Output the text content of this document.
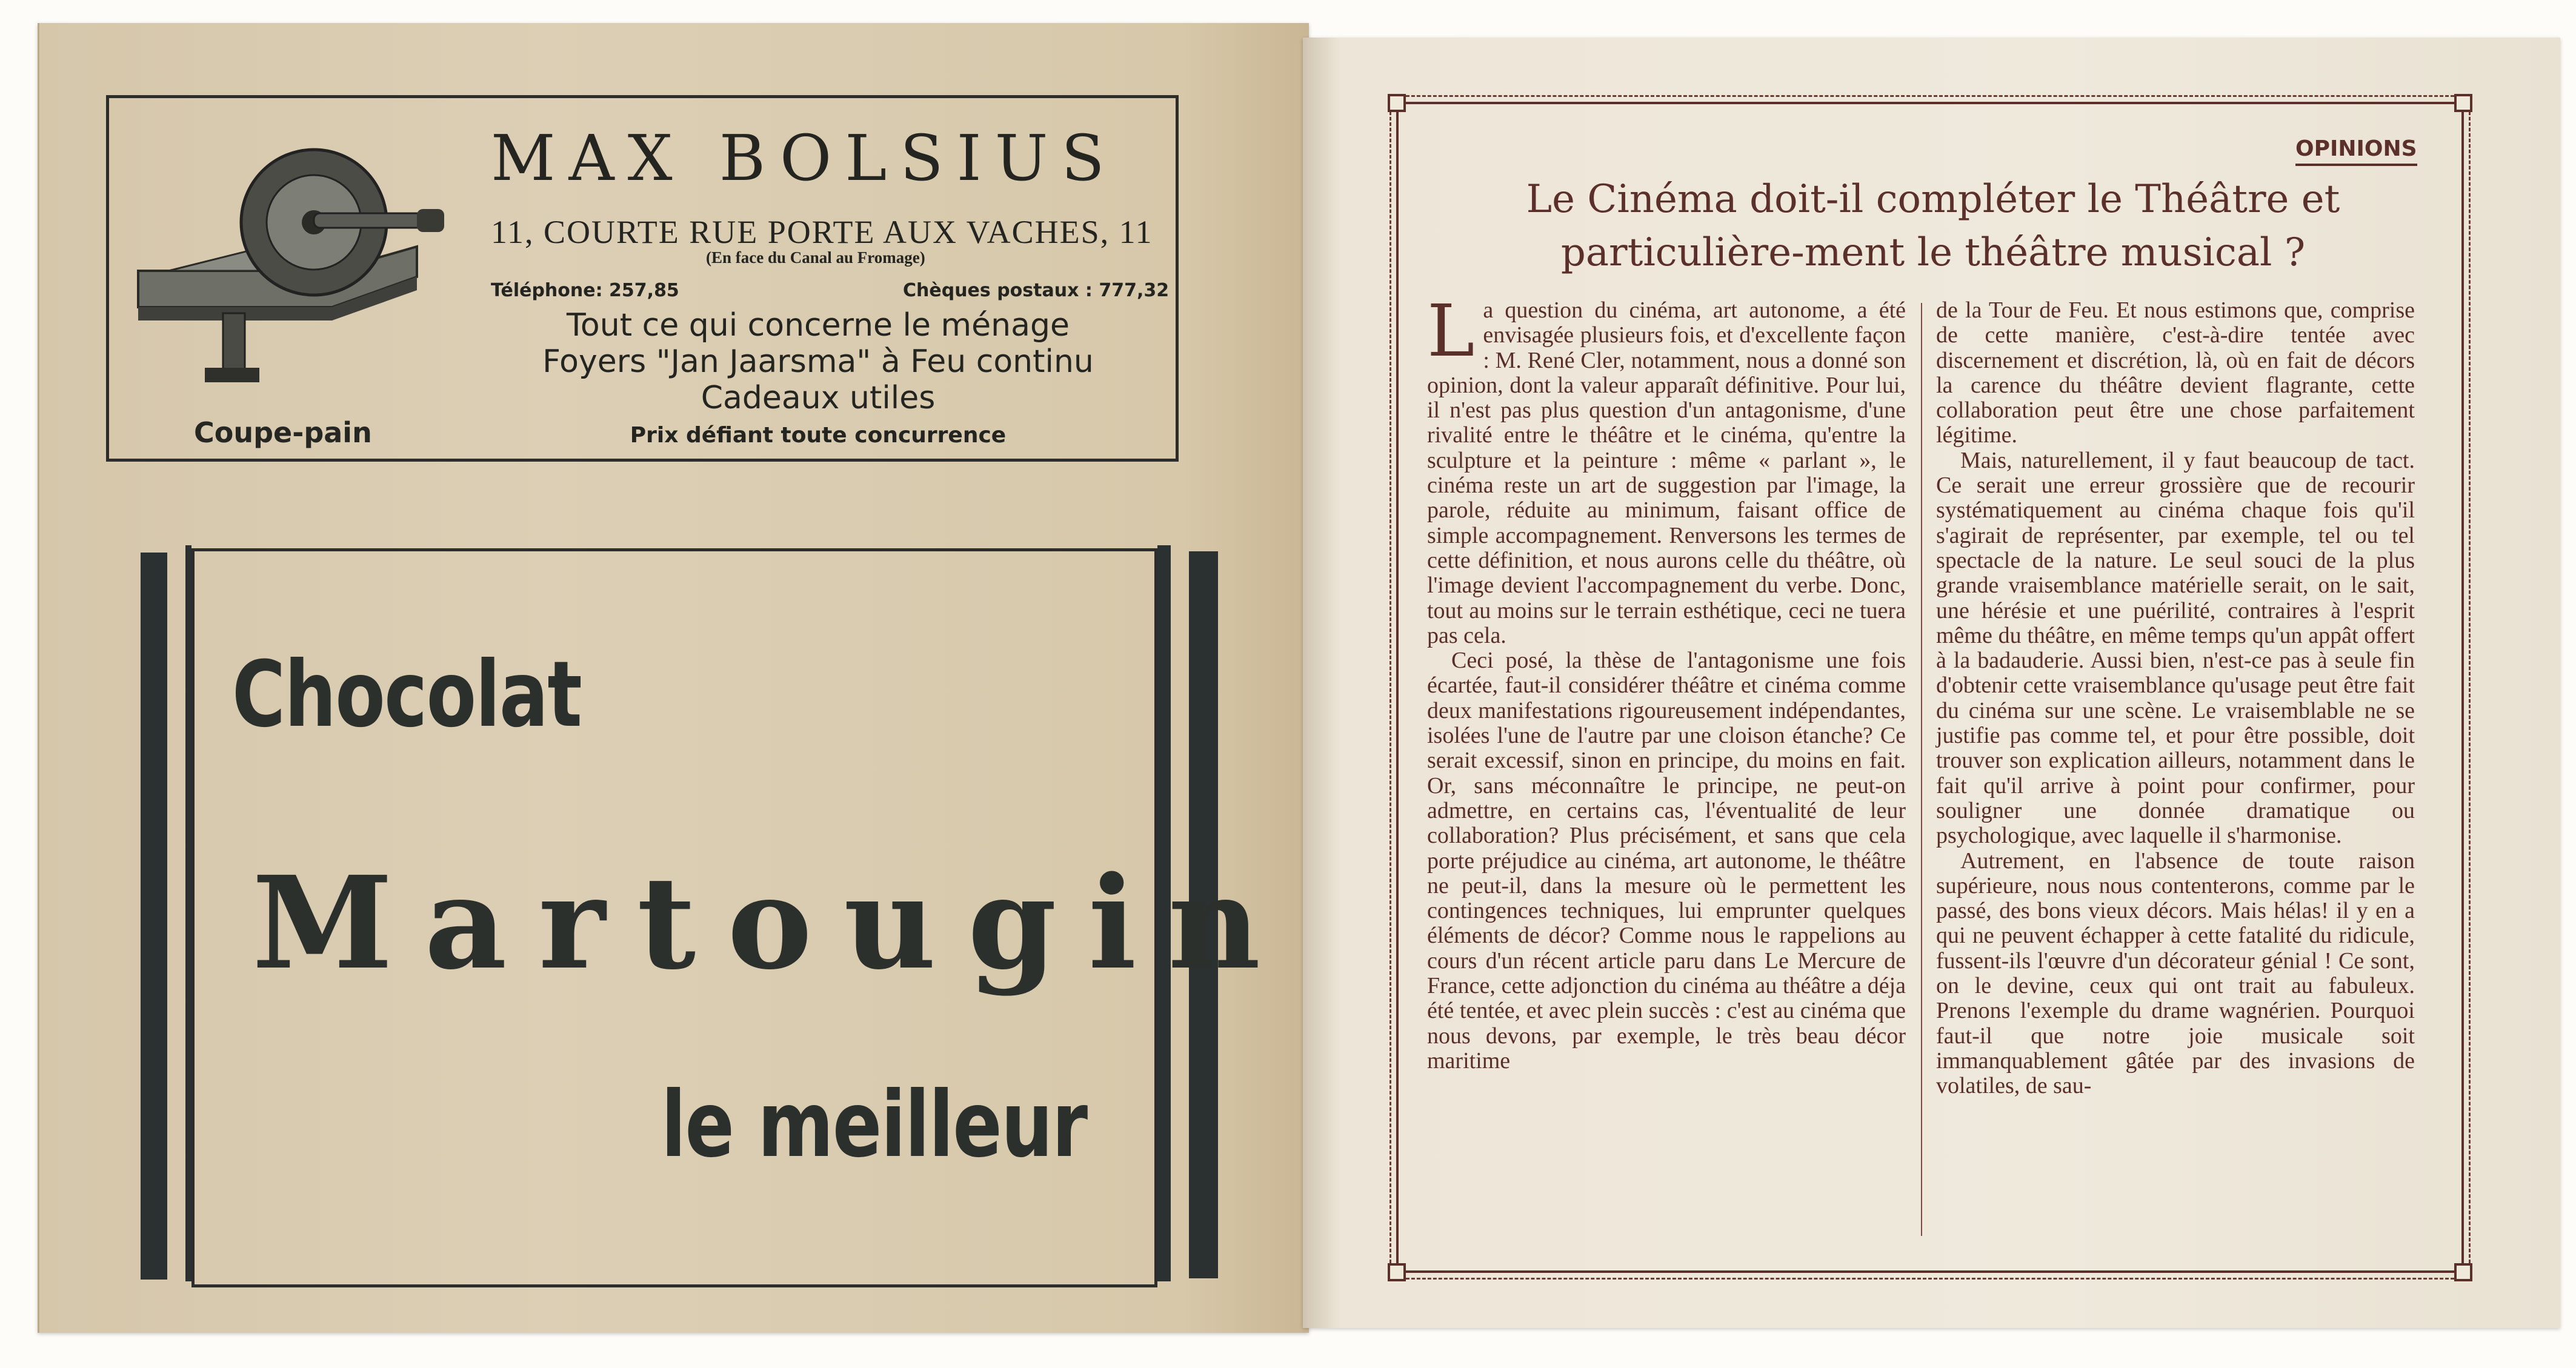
Coupe-pain
MAX BOLSIUS
11, COURTE RUE PORTE AUX VACHES, 11
(En face du Canal au Fromage)
Téléphone: 257,85	Chèques postaux : 777,32
Tout ce qui concerne le ménage
Foyers "Jan Jaarsma" à Feu continu
Cadeaux utiles
Prix défiant toute concurrence
Chocolat
Martougin
le meilleur
OPINIONS
Le Cinéma doit-il compléter le Théâtre et particulière-ment le théâtre musical ?

La question du cinéma, art autonome, a été envisagée plusieurs fois, et d'excellente façon : M. René Cler, notamment, nous a donné son opinion, dont la valeur apparaît définitive. Pour lui, il n'est pas plus question d'un antagonisme, d'une rivalité entre le théâtre et le cinéma, qu'entre la sculpture et la peinture : même « parlant », le cinéma reste un art de suggestion par l'image, la parole, réduite au minimum, faisant office de simple accompagnement. Renversons les termes de cette définition, et nous aurons celle du théâtre, où l'image devient l'accompagnement du verbe. Donc, tout au moins sur le terrain esthétique, ceci ne tuera pas cela.

Ceci posé, la thèse de l'antagonisme une fois écartée, faut-il considérer théâtre et cinéma comme deux manifestations rigoureusement indépendantes, isolées l'une de l'autre par une cloison étanche? Ce serait excessif, sinon en principe, du moins en fait. Or, sans méconnaître le principe, ne peut-on admettre, en certains cas, l'éventualité de leur collaboration? Plus précisément, et sans que cela porte préjudice au cinéma, art autonome, le théâtre ne peut-il, dans la mesure où le permettent les contingences techniques, lui emprunter quelques éléments de décor? Comme nous le rappelions au cours d'un récent article paru dans Le Mercure de France, cette adjonction du cinéma au théâtre a déja été tentée, et avec plein succès : c'est au cinéma que nous devons, par exemple, le très beau décor maritime

de la Tour de Feu. Et nous estimons que, comprise de cette manière, c'est-à-dire tentée avec discernement et discrétion, là, où en fait de décors la carence du théâtre devient flagrante, cette collaboration peut être une chose parfaitement légitime.

Mais, naturellement, il y faut beaucoup de tact. Ce serait une erreur grossière que de recourir systématiquement au cinéma chaque fois qu'il s'agirait de représenter, par exemple, tel ou tel spectacle de la nature. Le seul souci de la plus grande vraisemblance matérielle serait, on le sait, une hérésie et une puérilité, contraires à l'esprit même du théâtre, en même temps qu'un appât offert à la badauderie. Aussi bien, n'est-ce pas à seule fin d'obtenir cette vraisemblance qu'usage peut être fait du cinéma sur une scène. Le vraisemblable ne se justifie pas comme tel, et pour être possible, doit trouver son explication ailleurs, notamment dans le fait qu'il arrive à point pour confirmer, pour souligner une donnée dramatique ou psychologique, avec laquelle il s'harmonise.

Autrement, en l'absence de toute raison supérieure, nous nous contenterons, comme par le passé, des bons vieux décors. Mais hélas! il y en a qui ne peuvent échapper à cette fatalité du ridicule, fussent-ils l'œuvre d'un décorateur génial ! Ce sont, on le devine, ceux qui ont trait au fabuleux. Prenons l'exemple du drame wagnérien. Pourquoi faut-il que notre joie musicale soit immanquablement gâtée par des invasions de volatiles, de sau-
